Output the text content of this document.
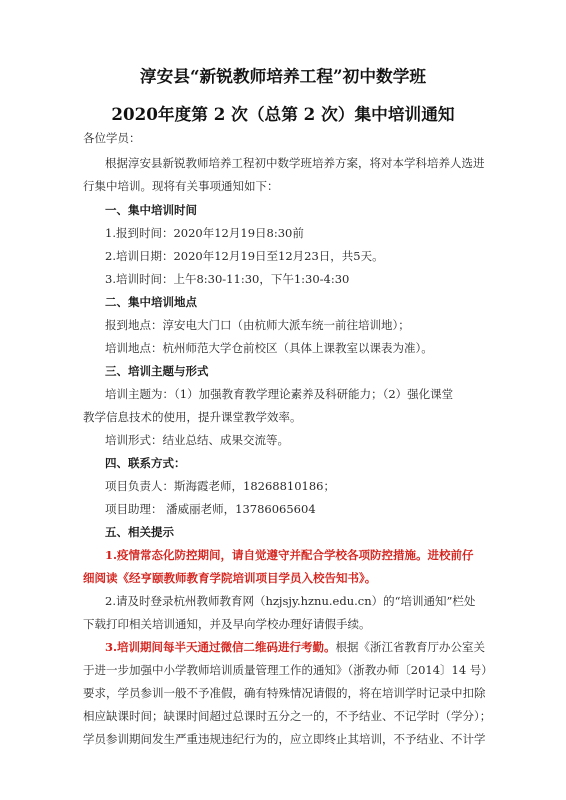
淳安县“新锐教师培养工程”初中数学班
2020年度第 2 次（总第 2 次）集中培训通知
各位学员：
根据淳安县新锐教师培养工程初中数学班培养方案，将对本学科培养人选进
行集中培训。现将有关事项通知如下：
一、集中培训时间
1.报到时间：2020年12月19日8:30前
2.培训日期：2020年12月19日至12月23日，共5天。
3.培训时间：上午8:30-11:30，下午1:30-4:30
二、集中培训地点
报到地点：淳安电大门口（由杭师大派车统一前往培训地）；
培训地点：杭州师范大学仓前校区（具体上课教室以课表为准）。
三、培训主题与形式
培训主题为：（1）加强教育教学理论素养及科研能力；（2）强化课堂
教学信息技术的使用，提升课堂教学效率。
培训形式：结业总结、成果交流等。
四、联系方式：
项目负责人：斯海霞老师，18268810186；
项目助理： 潘威丽老师，13786065604
五、相关提示
1.疫情常态化防控期间，请自觉遵守并配合学校各项防控措施。进校前仔
细阅读《经亨颐教师教育学院培训项目学员入校告知书》。
2.请及时登录杭州教师教育网（hzjsjy.hznu.edu.cn）的“培训通知”栏处
下载打印相关培训通知，并及早向学校办理好请假手续。
3.培训期间每半天通过微信二维码进行考勤。根据《浙江省教育厅办公室关
于进一步加强中小学教师培训质量管理工作的通知》（浙教办师〔2014〕14 号）
要求，学员参训一般不予准假，确有特殊情况请假的，将在培训学时记录中扣除
相应缺课时间；缺课时间超过总课时五分之一的，不予结业、不记学时（学分）；
学员参训期间发生严重违规违纪行为的，应立即终止其培训，不予结业、不计学
